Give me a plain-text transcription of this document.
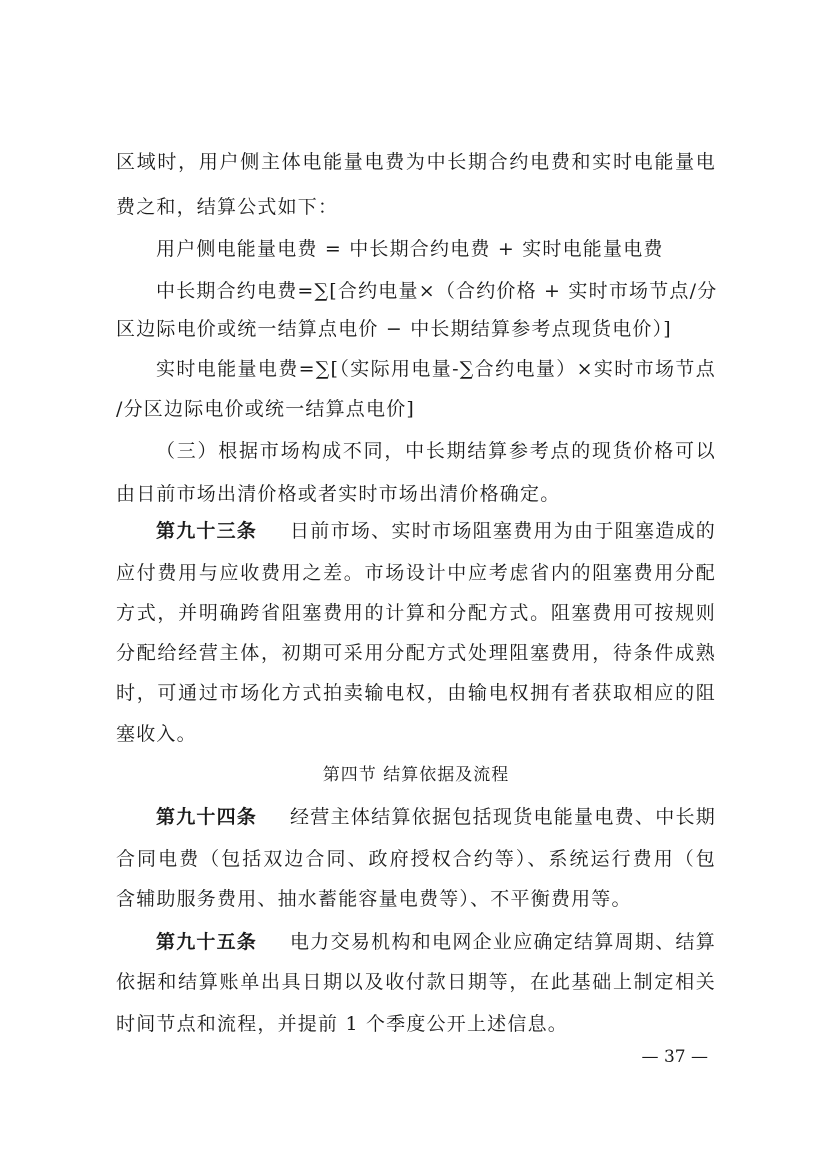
区域时，用户侧主体电能量电费为中长期合约电费和实时电能量电
费之和，结算公式如下：
用户侧电能量电费 = 中长期合约电费 + 实时电能量电费
中长期合约电费=∑[合约电量×（合约价格 + 实时市场节点/分
区边际电价或统一结算点电价 − 中长期结算参考点现货电价）]
实时电能量电费=∑[（实际用电量-∑合约电量）×实时市场节点
/分区边际电价或统一结算点电价]
（三）根据市场构成不同，中长期结算参考点的现货价格可以
由日前市场出清价格或者实时市场出清价格确定。
第九十三条	日前市场、实时市场阻塞费用为由于阻塞造成的
应付费用与应收费用之差。市场设计中应考虑省内的阻塞费用分配
方式，并明确跨省阻塞费用的计算和分配方式。阻塞费用可按规则
分配给经营主体，初期可采用分配方式处理阻塞费用，待条件成熟
时，可通过市场化方式拍卖输电权，由输电权拥有者获取相应的阻
塞收入。
第四节 结算依据及流程
第九十四条	经营主体结算依据包括现货电能量电费、中长期
合同电费（包括双边合同、政府授权合约等）、系统运行费用（包
含辅助服务费用、抽水蓄能容量电费等）、不平衡费用等。
第九十五条	电力交易机构和电网企业应确定结算周期、结算
依据和结算账单出具日期以及收付款日期等，在此基础上制定相关
时间节点和流程，并提前 1 个季度公开上述信息。
— 37 —
